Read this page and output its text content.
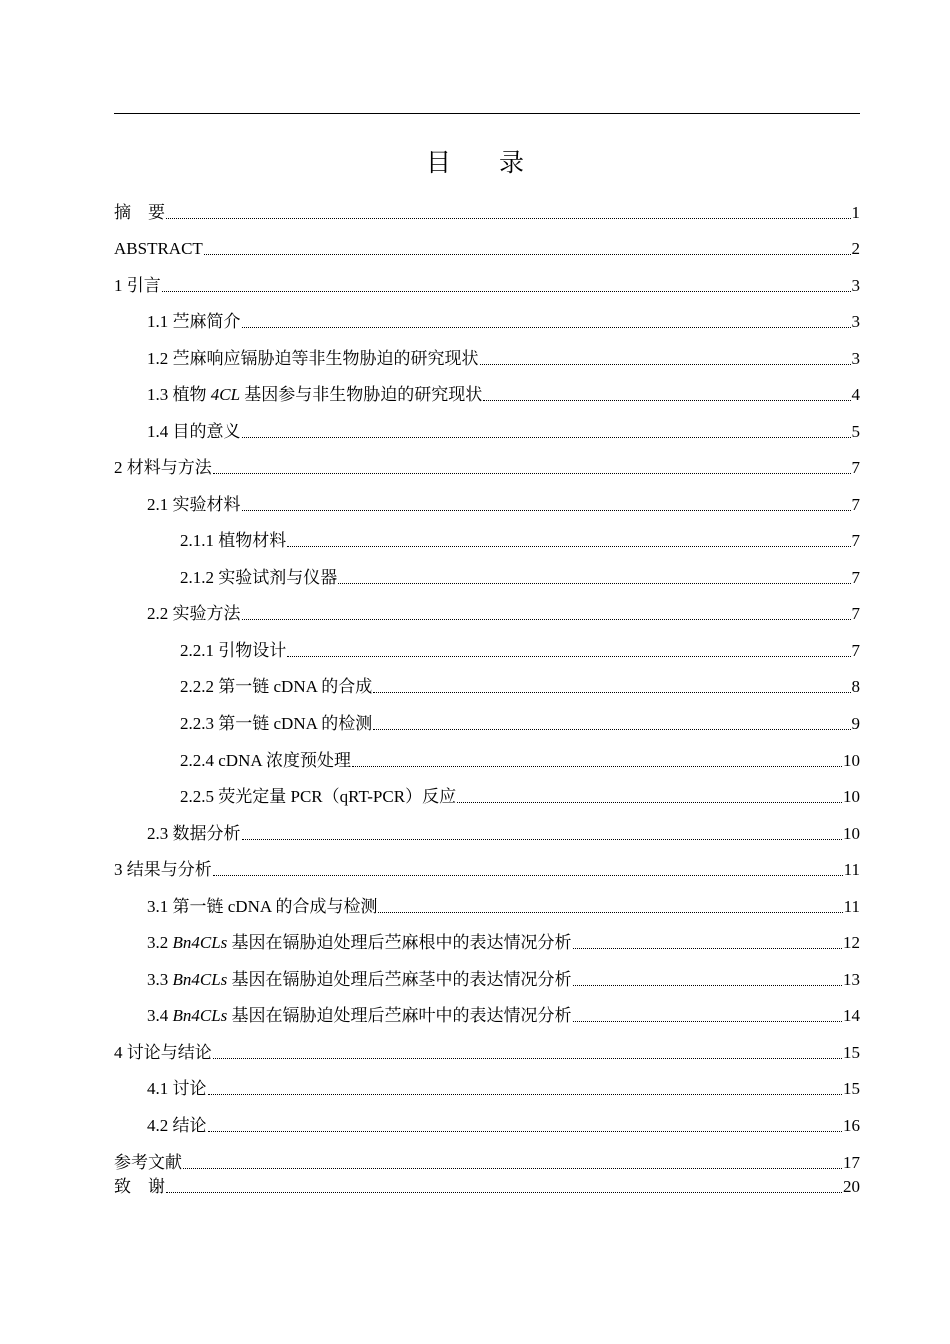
目 录
摘　要	1
ABSTRACT	2
1 引言	3
1.1 苎麻简介	3
1.2 苎麻响应镉胁迫等非生物胁迫的研究现状	3
1.3 植物 4CL 基因参与非生物胁迫的研究现状	4
1.4 目的意义	5
2 材料与方法	7
2.1 实验材料	7
2.1.1 植物材料	7
2.1.2 实验试剂与仪器	7
2.2 实验方法	7
2.2.1 引物设计	7
2.2.2 第一链 cDNA 的合成	8
2.2.3 第一链 cDNA 的检测	9
2.2.4 cDNA 浓度预处理	10
2.2.5 荧光定量 PCR（qRT-PCR）反应	10
2.3 数据分析	10
3 结果与分析	11
3.1 第一链 cDNA 的合成与检测	11
3.2 Bn4CLs 基因在镉胁迫处理后苎麻根中的表达情况分析	12
3.3 Bn4CLs 基因在镉胁迫处理后苎麻茎中的表达情况分析	13
3.4 Bn4CLs 基因在镉胁迫处理后苎麻叶中的表达情况分析	14
4 讨论与结论	15
4.1 讨论	15
4.2 结论	16
参考文献	17
致　谢	20
